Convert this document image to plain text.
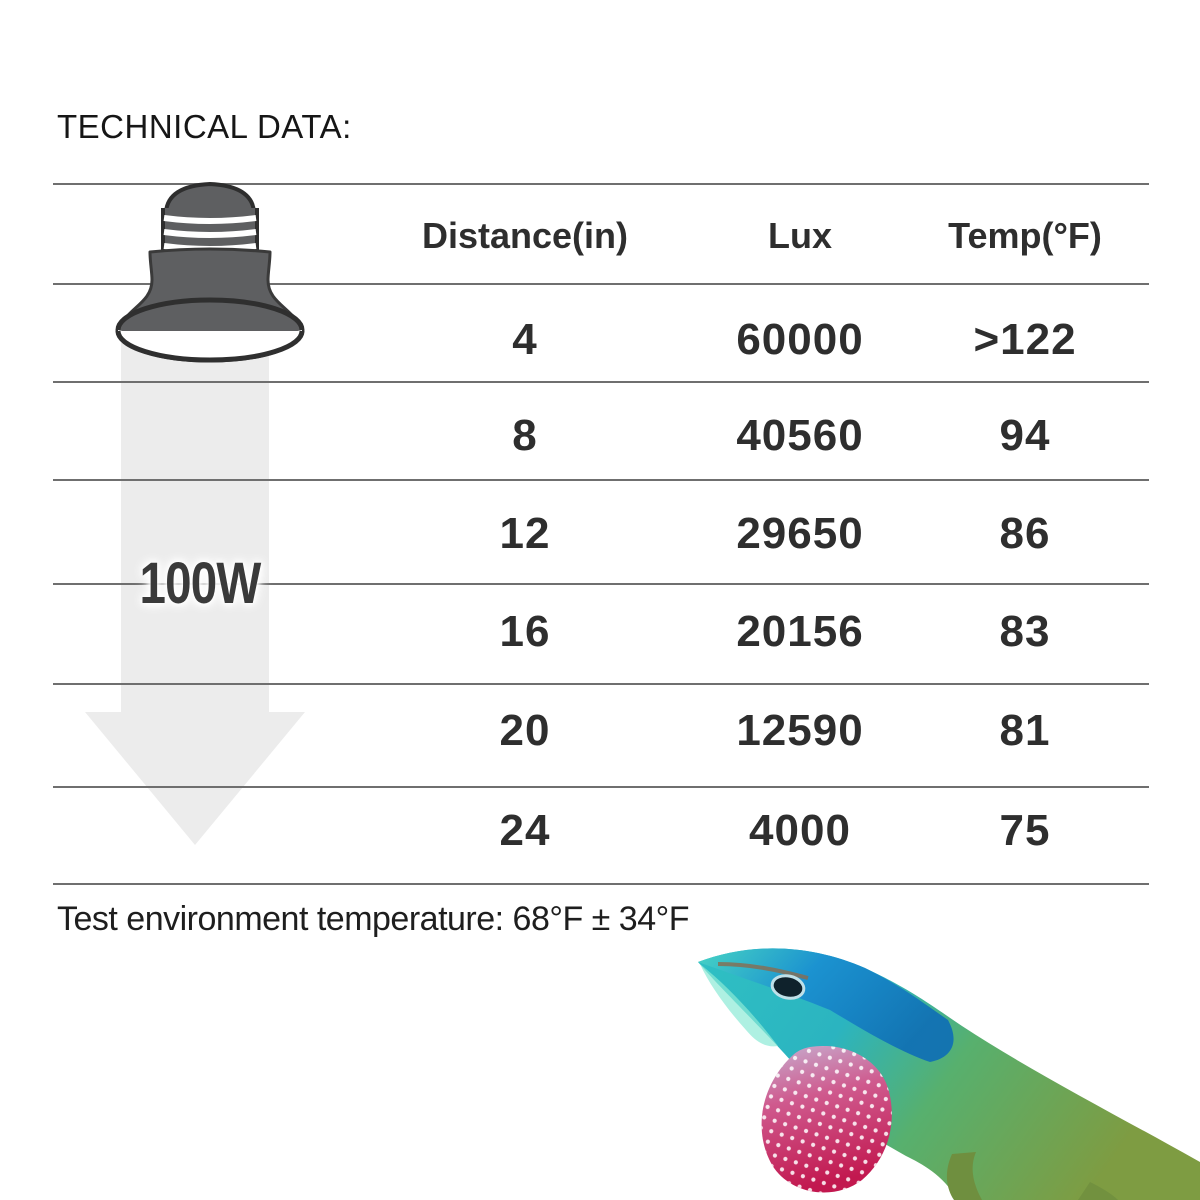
TECHNICAL DATA:
100W
Distance(in)	Lux	Temp(°F)
4	60000	>122
8	40560	94
12	29650	86
16	20156	83
20	12590	81
24	4000	75
Test environment temperature: 68°F ± 34°F
